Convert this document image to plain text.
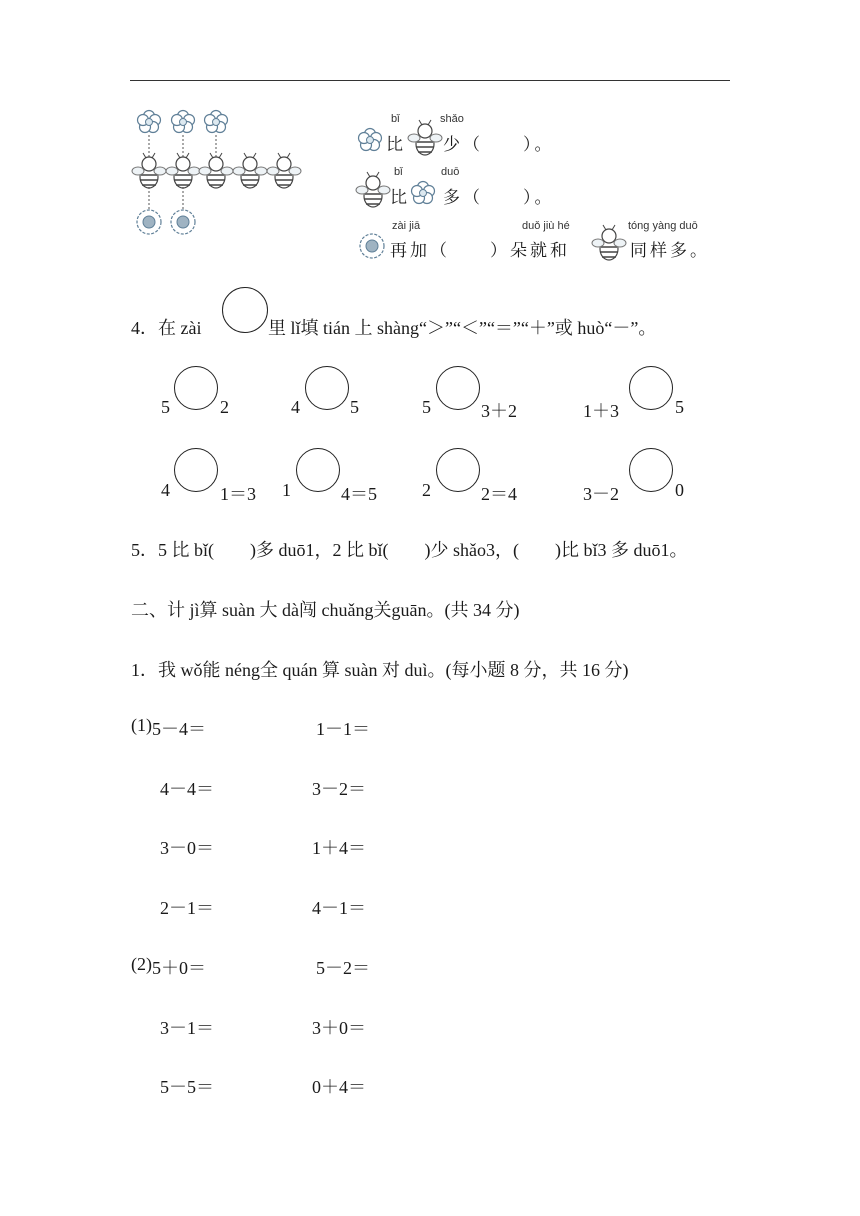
bǐ	shǎo
比 少（　　）。
bǐ	duō
比 多（　　）。
zài jiā	duǒ jiù hé	tóng yàng duō
再加（　　）朵就和	同样多。
4．在 zài	里 lǐ填 tián 上 shàng“＞”“＜”“＝”“＋”或 huò“－”。
5	2	4	5	5	3＋2	1＋3	5
4	1＝3 1	4＝5	2	2＝4	3－2	0
5．5 比 bǐ(　　)多 duō1，2 比 bǐ(　　)少 shǎo3，(　　)比 bǐ3 多 duō1。
二、计 jì算 suàn 大 dà闯 chuǎng关guān。(共 34 分)
1．我 wǒ能 néng全 quán 算 suàn 对 duì。(每小题 8 分，共 16 分)
(1) 5－4＝	1－1＝
4－4＝	3－2＝
3－0＝	1＋4＝
2－1＝	4－1＝
(2) 5＋0＝	5－2＝
3－1＝	3＋0＝
5－5＝	0＋4＝
